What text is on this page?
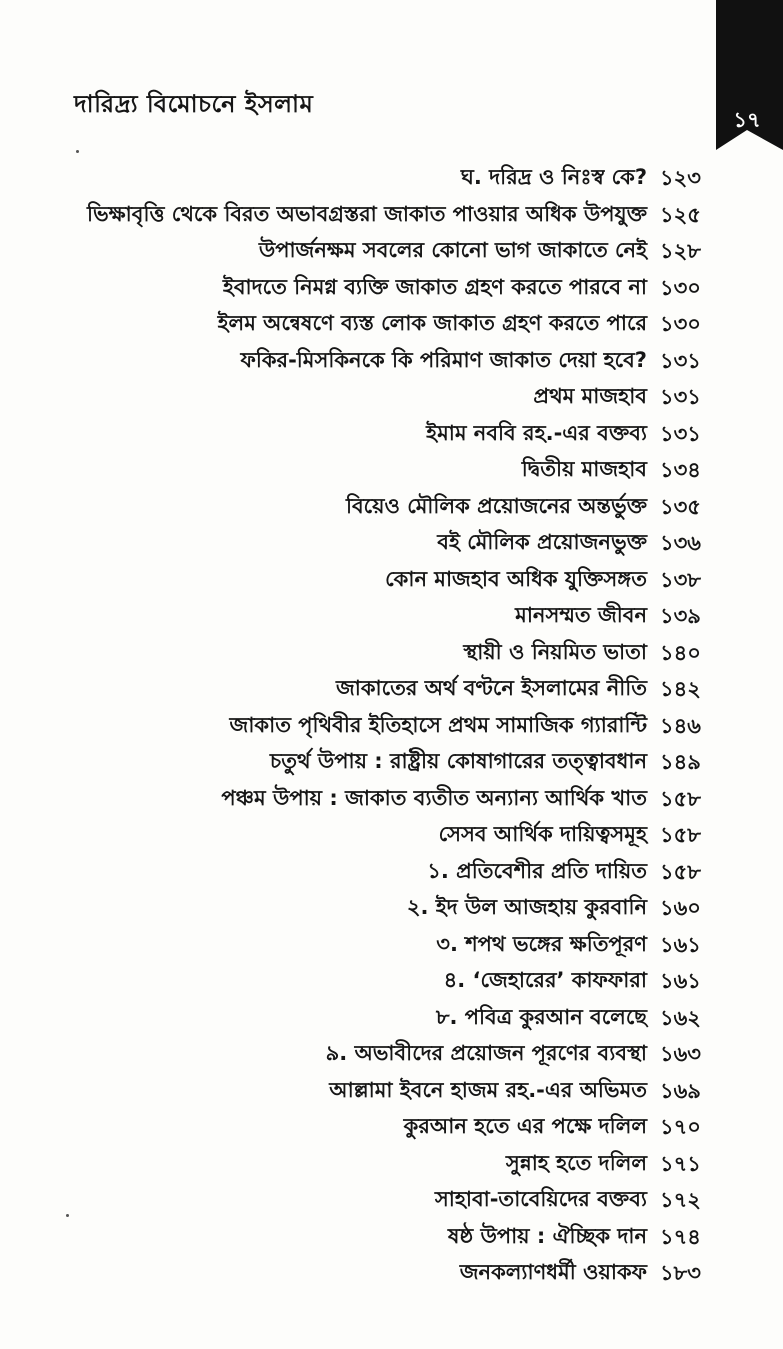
দারিদ্র্য বিমোচনে ইসলাম
১৭
ঘ. দরিদ্র ও নিঃস্ব কে? ১২৩
ভিক্ষাবৃত্তি থেকে বিরত অভাবগ্রস্তরা জাকাত পাওয়ার অধিক উপযুক্ত ১২৫
উপার্জনক্ষম সবলের কোনো ভাগ জাকাতে নেই ১২৮
ইবাদতে নিমগ্ন ব্যক্তি জাকাত গ্রহণ করতে পারবে না ১৩০
ইলম অন্বেষণে ব্যস্ত লোক জাকাত গ্রহণ করতে পারে ১৩০
ফকির-মিসকিনকে কি পরিমাণ জাকাত দেয়া হবে? ১৩১
প্রথম মাজহাব ১৩১
ইমাম নববি রহ.-এর বক্তব্য ১৩১
দ্বিতীয় মাজহাব ১৩৪
বিয়েও মৌলিক প্রয়োজনের অন্তর্ভুক্ত ১৩৫
বই মৌলিক প্রয়োজনভুক্ত ১৩৬
কোন মাজহাব অধিক যুক্তিসঙ্গত ১৩৮
মানসম্মত জীবন ১৩৯
স্থায়ী ও নিয়মিত ভাতা ১৪০
জাকাতের অর্থ বণ্টনে ইসলামের নীতি ১৪২
জাকাত পৃথিবীর ইতিহাসে প্রথম সামাজিক গ্যারান্টি ১৪৬
চতুর্থ উপায় : রাষ্ট্রীয় কোষাগারের তত্ত্বাবধান ১৪৯
পঞ্চম উপায় : জাকাত ব্যতীত অন্যান্য আর্থিক খাত ১৫৮
সেসব আর্থিক দায়িত্বসমূহ ১৫৮
১. প্রতিবেশীর প্রতি দায়িত ১৫৮
২. ইদ উল আজহায় কুরবানি ১৬০
৩. শপথ ভঙ্গের ক্ষতিপূরণ ১৬১
৪. ‘জেহারের’ কাফফারা ১৬১
৮. পবিত্র কুরআন বলেছে ১৬২
৯. অভাবীদের প্রয়োজন পূরণের ব্যবস্থা ১৬৩
আল্লামা ইবনে হাজম রহ.-এর অভিমত ১৬৯
কুরআন হতে এর পক্ষে দলিল ১৭০
সুন্নাহ হতে দলিল ১৭১
সাহাবা-তাবেয়িদের বক্তব্য ১৭২
ষষ্ঠ উপায় : ঐচ্ছিক দান ১৭৪
জনকল্যাণধর্মী ওয়াকফ ১৮৩
